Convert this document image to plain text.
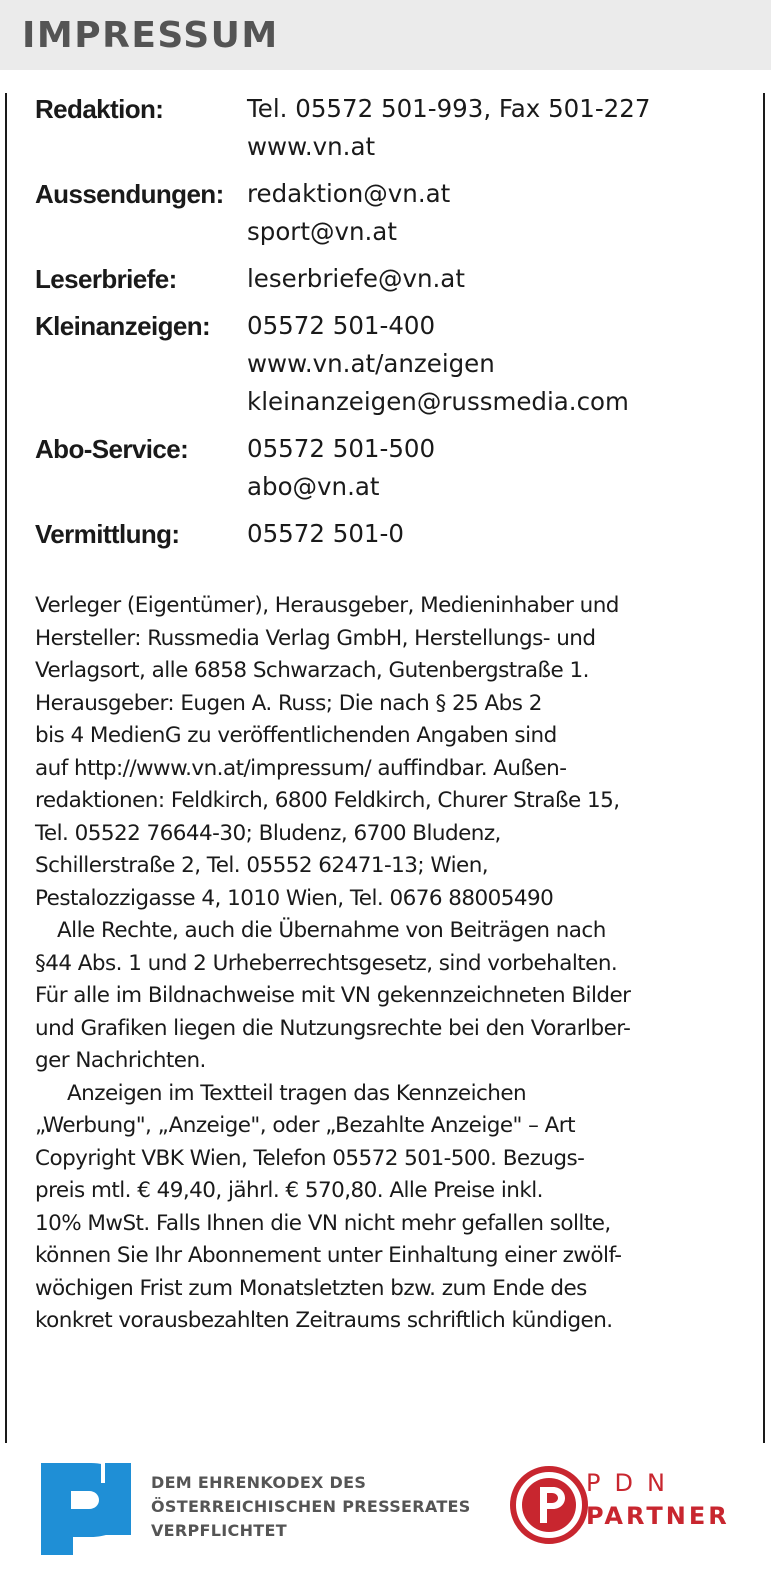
IMPRESSUM
Redaktion:	Tel. 05572 501-993, Fax 501-227
www.vn.at
Aussendungen: redaktion@vn.at
sport@vn.at
Leserbriefe:	leserbriefe@vn.at
Kleinanzeigen:	05572 501-400
www.vn.at/anzeigen
kleinanzeigen@russmedia.com
Abo-Service:	05572 501-500
abo@vn.at
Vermittlung:	05572 501-0
Verleger (Eigentümer), Herausgeber, Medieninhaber und
Hersteller: Russmedia Verlag GmbH, Herstellungs- und
Verlagsort, alle 6858 Schwarzach, Gutenbergstraße 1.
Herausgeber: Eugen A. Russ; Die nach § 25 Abs 2
bis 4 MedienG zu veröffentlichenden Angaben sind
auf http://www.vn.at/impressum/ auffindbar. Außen-
redaktionen: Feldkirch, 6800 Feldkirch, Churer Straße 15,
Tel. 05522 76644-30; Bludenz, 6700 Bludenz,
Schillerstraße 2, Tel. 05552 62471-13; Wien,
Pestalozzigasse 4, 1010 Wien, Tel. 0676 88005490
Alle Rechte, auch die Übernahme von Beiträgen nach
§44 Abs. 1 und 2 Urheberrechtsgesetz, sind vorbehalten.
Für alle im Bildnachweise mit VN gekennzeichneten Bilder
und Grafiken liegen die Nutzungsrechte bei den Vorarlber-
ger Nachrichten.
Anzeigen im Textteil tragen das Kennzeichen
„Werbung", „Anzeige", oder „Bezahlte Anzeige" – Art
Copyright VBK Wien, Telefon 05572 501-500. Bezugs-
preis mtl. € 49,40, jährl. € 570,80. Alle Preise inkl.
10% MwSt. Falls Ihnen die VN nicht mehr gefallen sollte,
können Sie Ihr Abonnement unter Einhaltung einer zwölf-
wöchigen Frist zum Monatsletzten bzw. zum Ende des
konkret vorausbezahlten Zeitraums schriftlich kündigen.
DEM EHRENKODEX DES
ÖSTERREICHISCHEN PRESSERATES
VERPFLICHTET
PDN
PARTNER
